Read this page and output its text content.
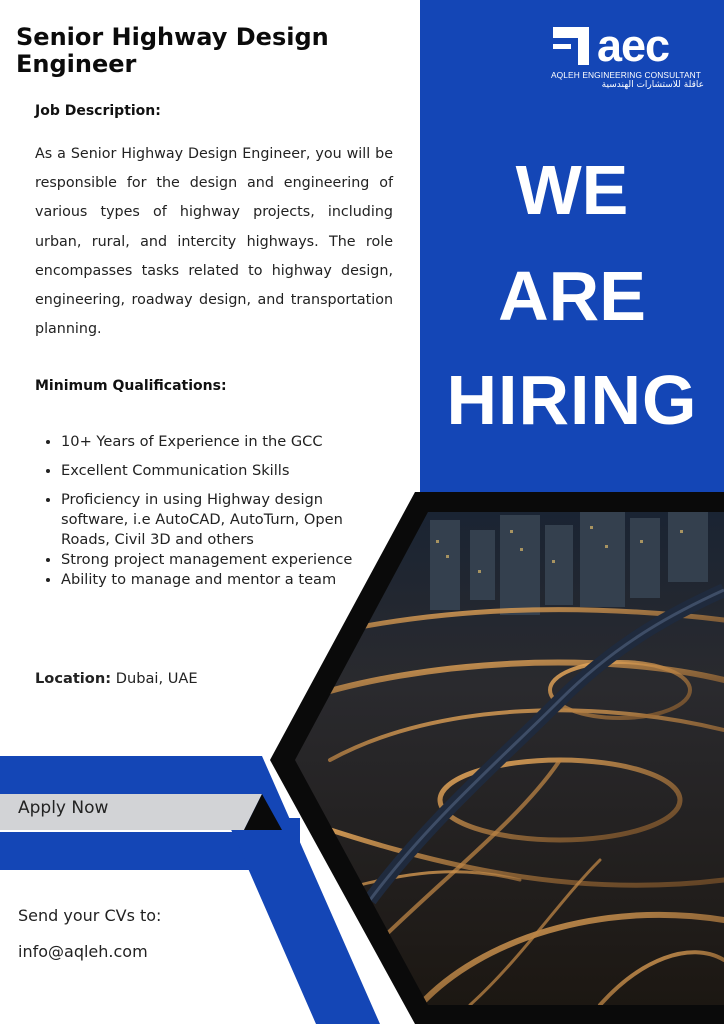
Senior Highway Design Engineer
Job Description:
As a Senior Highway Design Engineer, you will be responsible for the design and engineering of various types of highway projects, including urban, rural, and intercity highways. The role encompasses tasks related to highway design, engineering, roadway design, and transportation planning.
Minimum Qualifications:
• 10+ Years of Experience in the GCC
• Excellent Communication Skills
• Proficiency in using Highway design software, i.e AutoCAD, AutoTurn, Open Roads, Civil 3D and others
• Strong project management experience
• Ability to manage and mentor a team
Location: Dubai, UAE
Apply Now
Send your CVs to:
info@aqleh.com
aec
AQLEH ENGINEERING CONSULTANT
عاقلة للاستشارات الهندسية
WE
ARE
HIRING
